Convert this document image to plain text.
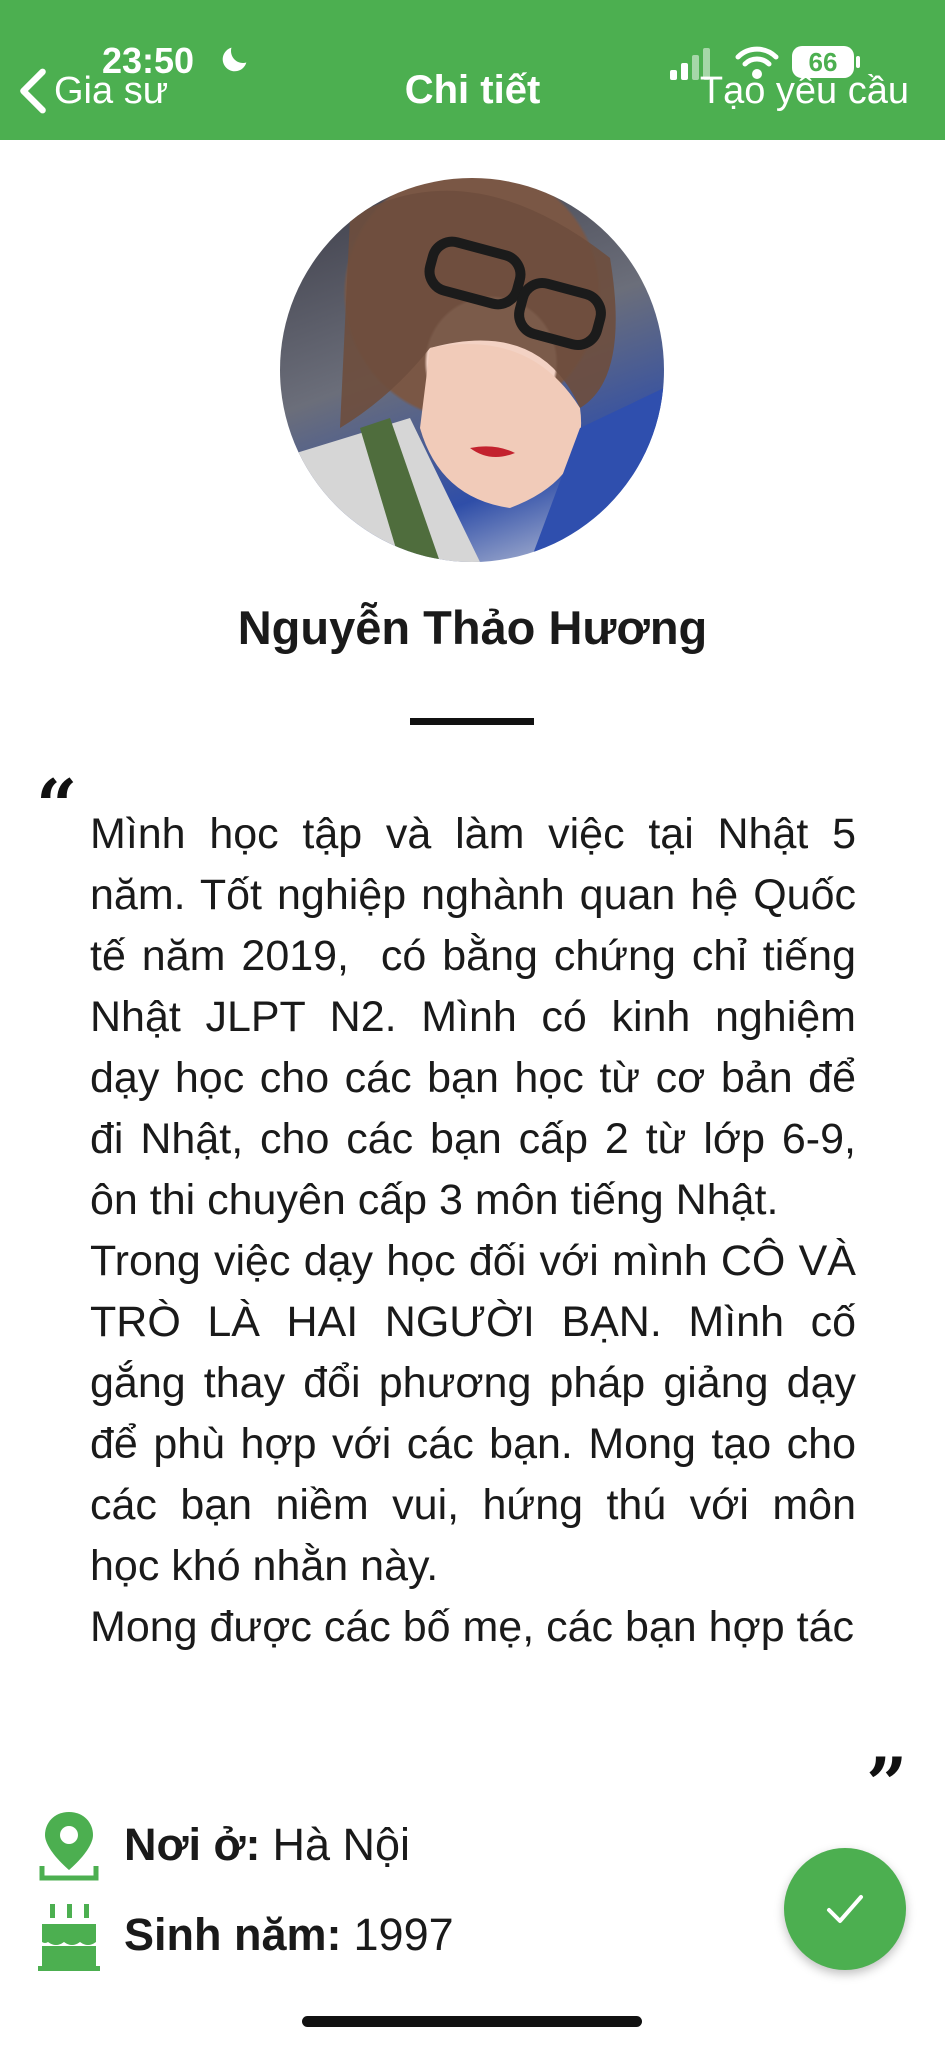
23:50
Gia sư	Chi tiết
66
Tạo yêu cầu
Nguyễn Thảo Hương
“ Mình học tập và làm việc tại Nhật 5 năm. Tốt nghiệp nghành quan hệ Quốc tế năm 2019,  có bằng chứng chỉ tiếng Nhật JLPT N2. Mình có kinh nghiệm dạy học cho các bạn học từ cơ bản để đi Nhật, cho các bạn cấp 2 từ lớp 6-9, ôn thi chuyên cấp 3 môn tiếng Nhật.
Trong việc dạy học đối với mình CÔ VÀ TRÒ LÀ HAI NGƯỜI BẠN. Mình cố gắng thay đổi phương pháp giảng dạy để phù hợp với các bạn. Mong tạo cho các bạn niềm vui, hứng thú với môn học khó nhằn này.
Mong được các bố mẹ, các bạn hợp tác
”
Nơi ở: Hà Nội
Sinh năm: 1997
